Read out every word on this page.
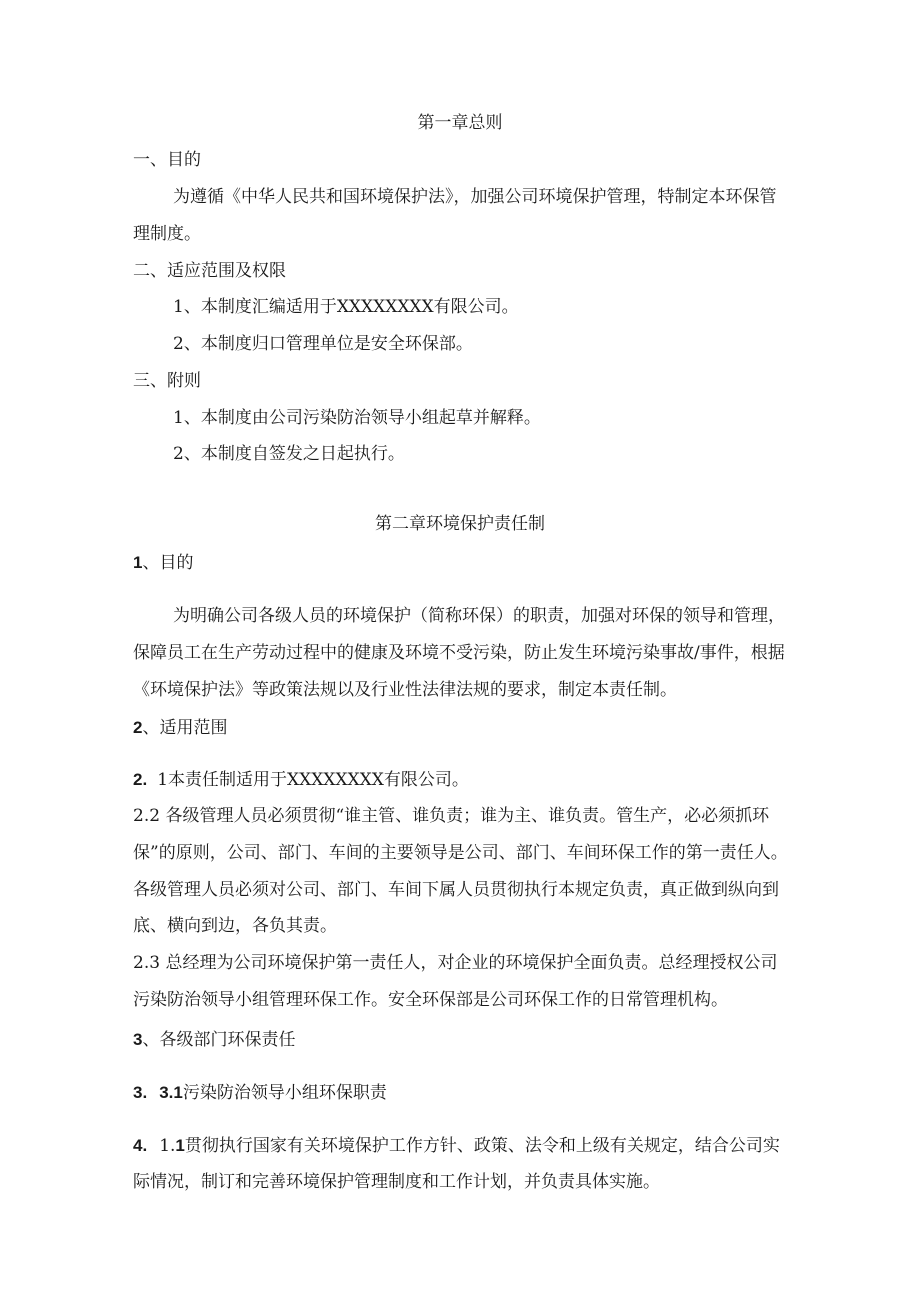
第一章总则
一、目的
为遵循《中华人民共和国环境保护法》，加强公司环境保护管理，特制定本环保管
理制度。
二、适应范围及权限
1、本制度汇编适用于XXXXXXXX有限公司。
2、本制度归口管理单位是安全环保部。
三、附则
1、本制度由公司污染防治领导小组起草并解释。
2、本制度自签发之日起执行。
第二章环境保护责任制
1、目的
为明确公司各级人员的环境保护（简称环保）的职责，加强对环保的领导和管理，
保障员工在生产劳动过程中的健康及环境不受污染，防止发生环境污染事故/事件，根据
《环境保护法》等政策法规以及行业性法律法规的要求，制定本责任制。
2、适用范围
2. 1本责任制适用于XXXXXXXX有限公司。
2.2 各级管理人员必须贯彻“谁主管、谁负责；谁为主、谁负责。管生产，必必须抓环
保”的原则，公司、部门、车间的主要领导是公司、部门、车间环保工作的第一责任人。
各级管理人员必须对公司、部门、车间下属人员贯彻执行本规定负责，真正做到纵向到
底、横向到边，各负其责。
2.3 总经理为公司环境保护第一责任人，对企业的环境保护全面负责。总经理授权公司
污染防治领导小组管理环保工作。安全环保部是公司环保工作的日常管理机构。
3、各级部门环保责任
3. 3.1污染防治领导小组环保职责
4. 1.1贯彻执行国家有关环境保护工作方针、政策、法令和上级有关规定，结合公司实
际情况，制订和完善环境保护管理制度和工作计划，并负责具体实施。
